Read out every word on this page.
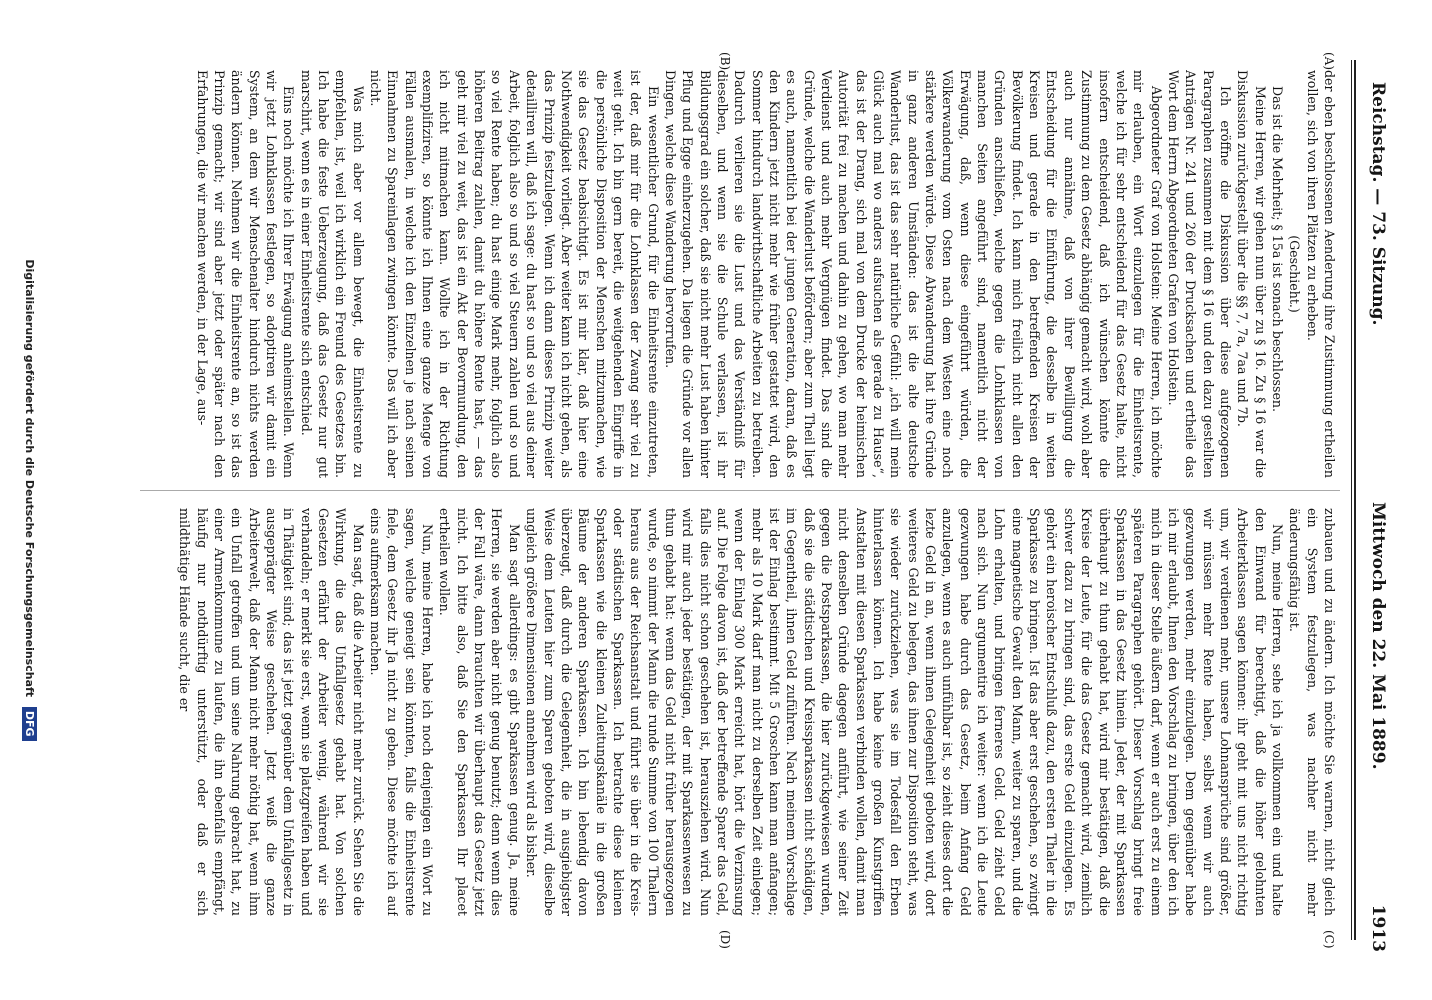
Reichstag. — 73. Sitzung.
Mittwoch den 22. Mai 1889.
1913
(A)
(B)
(C)
(D)

der eben beschlossenen Aenderung ihre Zustimmung ertheilen wollen, sich von ihren Plätzen zu erheben.

(Geschieht.)

Das ist die Mehrheit; § 15a ist sonach beschlossen.

Meine Herren, wir gehen nun über zu § 16. Zu § 16 war die Diskussion zurückgestellt über die §§ 7, 7a, 7aa und 7b.

Ich eröffne die Diskussion über diese aufgezogenen Paragraphen zusammen mit dem § 16 und den dazu gestellten Anträgen Nr. 241 und 260 der Drucksachen und ertheile das Wort dem Herrn Abgeordneten Grafen von Holstein.

Abgeordneter Graf von Holstein: Meine Herren, ich möchte mir erlauben, ein Wort einzulegen für die Einheitsrente, welche ich für sehr entscheidend für das Gesetz halte, nicht insofern entscheidend, daß ich wünschen könnte die Zustimmung zu dem Gesetz abhängig gemacht wird, wohl aber auch nur annähme, daß von ihrer Bewilligung die Entscheidung für die Einführung, die desselbe in weiten Kreisen und gerade in den betreffenden Kreisen der Bevölkerung findet. Ich kann mich freilich nicht allen den Gründen anschließen, welche gegen die Lohnklassen von manchen Seiten angeführt sind, namentlich nicht der Erwägung, daß, wenn diese eingeführt würden, die Völkerwanderung vom Osten nach dem Westen eine noch stärkere werden würde. Diese Abwanderung hat ihre Gründe in ganz anderen Umständen: das ist die alte deutsche Wanderlust, das ist das sehr natürliche Gefühl: „ich will mein Glück auch mal wo anders aufsuchen als gerade zu Hause“, das ist der Drang, sich mal von dem Drucke der heimischen Autorität frei zu machen und dahin zu gehen, wo man mehr Verdienst und auch mehr Vergnügen findet. Das sind die Gründe, welche die Wanderlust befördern; aber zum Theil liegt es auch, namentlich bei der jungen Generation, daran, daß es den Kindern jetzt nicht mehr wie früher gestattet wird, den Sommer hindurch landwirthschaftliche Arbeiten zu betreiben. Dadurch verlieren sie die Lust und das Verständniß für dieselben, und wenn sie die Schule verlassen, ist ihr Bildungsgrad ein solcher, daß sie nicht mehr Lust haben hinter Pflug und Egge einherzugehen. Da liegen die Gründe vor allen Dingen, welche diese Wanderung hervorrufen.

Ein wesentlicher Grund, für die Einheitsrente einzutreten, ist der, daß mir für die Lohnklassen der Zwang sehr viel zu weit geht. Ich bin gern bereit, die weitgehenden Eingriffe in die persönliche Disposition der Menschen mitzumachen, wie sie das Gesetz beabsichtigt. Es ist mir klar, daß hier eine Nothwendigkeit vorliegt. Aber weiter kann ich nicht gehen, als das Prinzip festzulegen. Wenn ich dann dieses Prinzip weiter detailliren will, daß ich sage: du hast so und so viel aus deiner Arbeit, folglich also so und so viel Steuern zahlen und so und so viel Rente haben; du hast einige Mark mehr, folglich also höheren Beitrag zahlen, damit du höhere Rente hast, — das geht mir viel zu weit, das ist ein Akt der Bevormundung, den ich nicht mitmachen kann. Wollte ich in der Richtung exemplifiziren, so könnte ich Ihnen eine ganze Menge von Fällen ausmalen, in welche ich den Einzelnen je nach seinen Einnahmen zu Spareinlagen zwingen könnte. Das will ich aber nicht.

Was mich aber vor allem bewegt, die Einheitsrente zu empfehlen, ist, weil ich wirklich ein Freund des Gesetzes bin. Ich habe die feste Ueberzeugung, daß das Gesetz nur gut marschirt, wenn es in einer Einheitsrente sich entschied.

Eins noch möchte ich Ihrer Erwägung anheimstellen. Wenn wir jetzt Lohnklassen festlegen, so adoptiren wir damit ein System, an dem wir Menschenalter hindurch nichts werden ändern können. Nehmen wir die Einheitsrente an, so ist das Prinzip gemacht; wir sind aber jetzt oder später nach den Erfahrungen, die wir machen werden, in der Lage, aus-

zubauen und zu ändern. Ich möchte Sie warnen, nicht gleich ein System festzulegen, was nachher nicht mehr änderungsfähig ist.

Nun, meine Herren, sehe ich ja vollkommen ein und halte den Einwand für berechtigt, daß die höher gelohnten Arbeiterklassen sagen können: ihr geht mit uns nicht richtig um, wir verdienen mehr, unsere Lohnansprüche sind größer, wir müssen mehr Rente haben, selbst wenn wir auch gezwungen werden, mehr einzulegen. Dem gegenüber habe ich mir erlaubt, Ihnen den Vorschlag zu bringen, über den ich mich in dieser Stelle äußern darf, wenn er auch erst zu einem späteren Paragraphen gehört. Dieser Vorschlag bringt freie Sparkassen in das Gesetz hinein. Jeder, der mit Sparkassen überhaupt zu thun gehabt hat, wird mir bestätigen, daß die Kreise der Leute, für die das Gesetz gemacht wird, ziemlich schwer dazu zu bringen sind, das erste Geld einzulegen. Es gehört ein heroischer Entschluß dazu, den ersten Thaler in die Sparkasse zu bringen. Ist das aber erst geschehen, so zwingt eine magnetische Gewalt den Mann, weiter zu sparen, und die Lohn erhalten, und bringen ferneres Geld. Geld zieht Geld nach sich. Nun argumentire ich weiter: wenn ich die Leute gezwungen habe durch das Gesetz, beim Anfang Geld anzulegen, wenn es auch unfühlbar ist, so zieht dieses dort die lezte Geld in an, wenn ihnen Gelegenheit geboten wird, dort weiteres Geld zu belegen, das ihnen zur Disposition steht, was sie wieder zurückziehen, was sie im Todesfall den Erben hinterlassen können. Ich habe keine großen Kunstgriffen Anstalten mit diesen Sparkassen verbinden wollen, damit man nicht denselben Gründe dagegen anführt, wie seiner Zeit gegen die Postsparkassen, die hier zurückgewiesen wurden, daß sie die städtischen und Kreissparkassen nicht schädigen, im Gegentheil, ihnen Geld zuführen. Nach meinem Vorschlage ist der Einlag bestimmt. Mit 5 Groschen kann man anfangen; mehr als 10 Mark darf man nicht zu derselben Zeit einlegen; wenn der Einlag 300 Mark erreicht hat, hört die Verzinsung auf. Die Folge davon ist, daß der betreffende Sparer das Geld, falls dies nicht schon geschehen ist, herausziehen wird. Nun wird mir auch jeder bestätigen, der mit Sparkassenwesen zu thun gehabt hat: wenn das Geld nicht früher herausgezogen wurde, so nimmt der Mann die runde Summe von 100 Thalern heraus aus der Reichsanstalt und führt sie über in die Kreis- oder städtischen Sparkassen. Ich betrachte diese kleinen Sparkassen wie die kleinen Zuleitungskanäle in die großen Bäume der anderen Sparkassen. Ich bin lebendig davon überzeugt, daß durch die Gelegenheit, die in ausgiebigster Weise dem Leuten hier zum Sparen geboten wird, dieselbe ungleich größere Dimensionen annehmen wird als bisher.

Man sagt allerdings: es gibt Sparkassen genug. Ja, meine Herren, sie werden aber nicht genug benutzt; denn wenn dies der Fall wäre, dann brauchten wir überhaupt das Gesetz jetzt nicht. Ich bitte also, daß Sie den Sparkassen Ihr placet ertheilen wollen.

Nun, meine Herren, habe ich noch denjenigen ein Wort zu sagen, welche geneigt sein könnten, falls die Einheitsrente fiele, dem Gesetz ihr Ja nicht zu geben. Diese möchte ich auf eins aufmerksam machen.

Man sagt, daß die Arbeiter nicht mehr zurück. Sehen Sie die Wirkung, die das Unfallgesetz gehabt hat. Von solchen Gesetzen erfährt der Arbeiter wenig, während wir sie verhandeln; er merkt sie erst, wenn sie platzgreifen haben und in Thätigkeit sind; das ist jetzt gegenüber dem Unfallgesetz in ausgeprägter Weise geschehen. Jetzt weiß die ganze Arbeiterwelt, daß der Mann nicht mehr nöthig hat, wenn ihm ein Unfall getroffen und um seine Nahrung gebracht hat, zu einer Armenkommune zu laufen, die ihn ebenfalls empfängt, häufig nur nothdürftig unterstützt, oder daß er sich mildthätige Hände sucht, die er

Digitalisierung gefördert durch die Deutsche Forschungsgemeinschaft DFG
